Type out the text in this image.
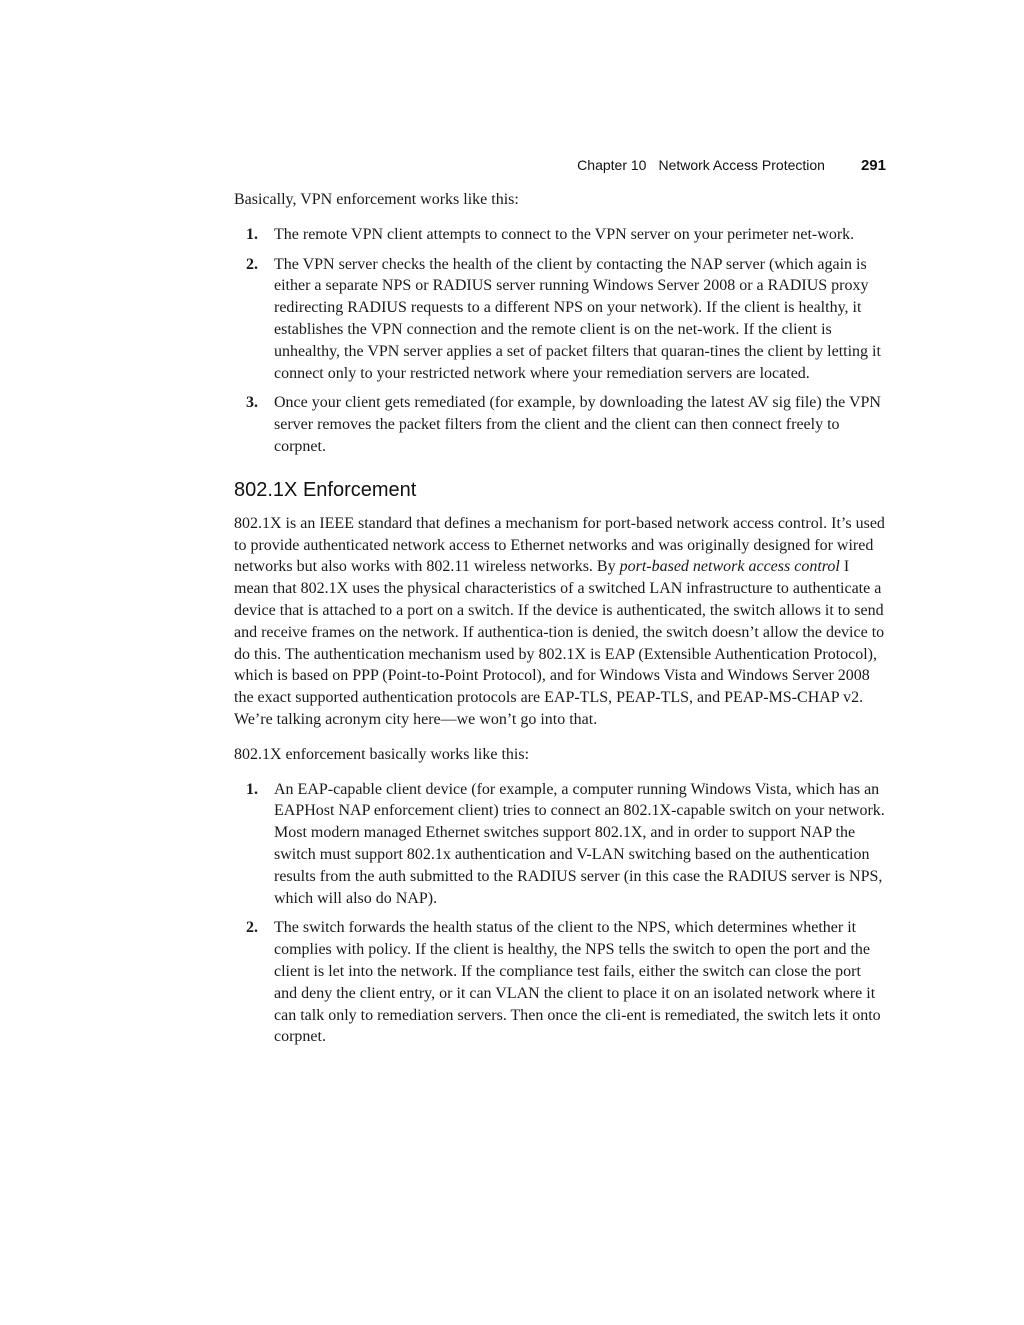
Chapter 10 Network Access Protection 291

Basically, VPN enforcement works like this:

1. The remote VPN client attempts to connect to the VPN server on your perimeter net-work.
2. The VPN server checks the health of the client by contacting the NAP server (which again is either a separate NPS or RADIUS server running Windows Server 2008 or a RADIUS proxy redirecting RADIUS requests to a different NPS on your network). If the client is healthy, it establishes the VPN connection and the remote client is on the net-work. If the client is unhealthy, the VPN server applies a set of packet filters that quaran-tines the client by letting it connect only to your restricted network where your remediation servers are located.
3. Once your client gets remediated (for example, by downloading the latest AV sig file) the VPN server removes the packet filters from the client and the client can then connect freely to corpnet.
802.1X Enforcement

802.1X is an IEEE standard that defines a mechanism for port-based network access control. It’s used to provide authenticated network access to Ethernet networks and was originally designed for wired networks but also works with 802.11 wireless networks. By port-based network access control I mean that 802.1X uses the physical characteristics of a switched LAN infrastructure to authenticate a device that is attached to a port on a switch. If the device is authenticated, the switch allows it to send and receive frames on the network. If authentica-tion is denied, the switch doesn’t allow the device to do this. The authentication mechanism used by 802.1X is EAP (Extensible Authentication Protocol), which is based on PPP (Point-to-Point Protocol), and for Windows Vista and Windows Server 2008 the exact supported authentication protocols are EAP-TLS, PEAP-TLS, and PEAP-MS-CHAP v2. We’re talking acronym city here—we won’t go into that.

802.1X enforcement basically works like this:

1. An EAP-capable client device (for example, a computer running Windows Vista, which has an EAPHost NAP enforcement client) tries to connect an 802.1X-capable switch on your network. Most modern managed Ethernet switches support 802.1X, and in order to support NAP the switch must support 802.1x authentication and V-LAN switching based on the authentication results from the auth submitted to the RADIUS server (in this case the RADIUS server is NPS, which will also do NAP).
2. The switch forwards the health status of the client to the NPS, which determines whether it complies with policy. If the client is healthy, the NPS tells the switch to open the port and the client is let into the network. If the compliance test fails, either the switch can close the port and deny the client entry, or it can VLAN the client to place it on an isolated network where it can talk only to remediation servers. Then once the cli-ent is remediated, the switch lets it onto corpnet.
